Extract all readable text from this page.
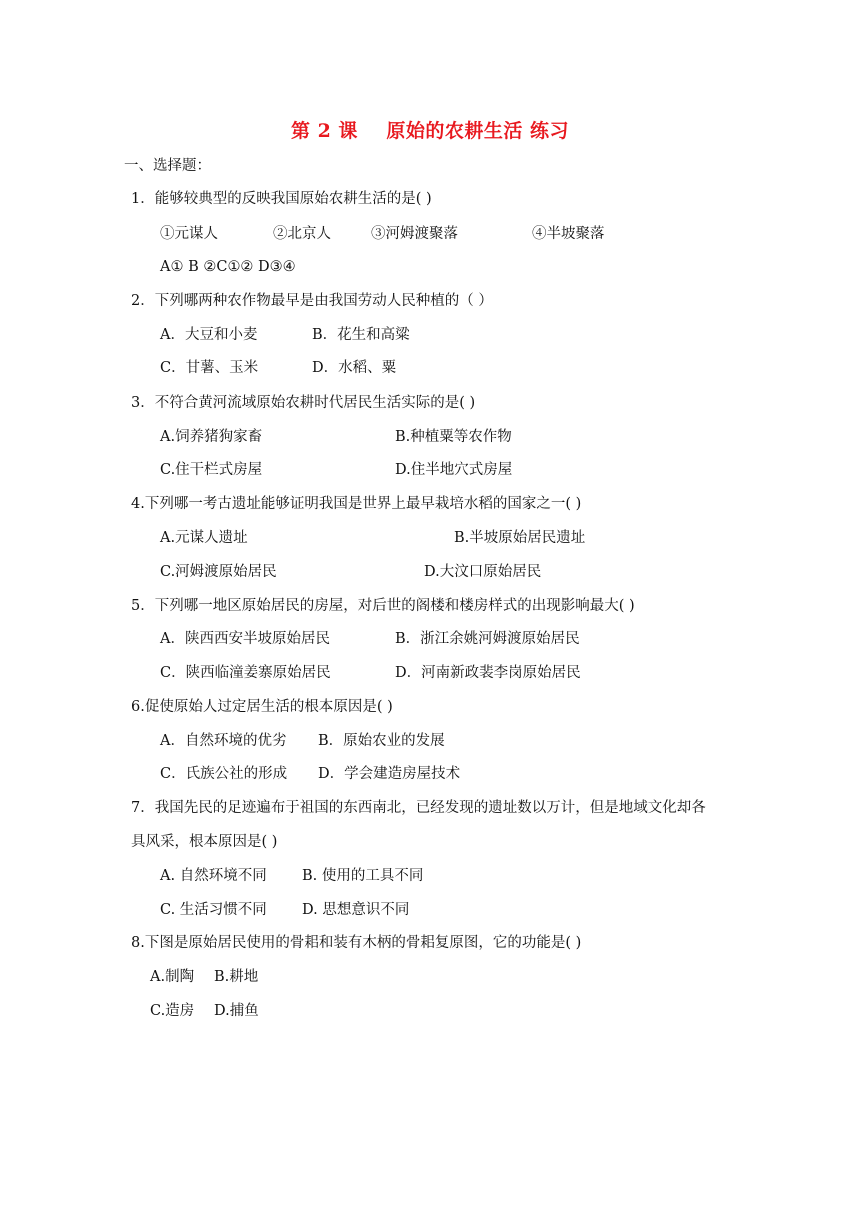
第 2 课    原始的农耕生活 练习
一、选择题：
1．能够较典型的反映我国原始农耕生活的是( )
①元谋人	②北京人	③河姆渡聚落	④半坡聚落
A① B ②C①② D③④
2．下列哪两种农作物最早是由我国劳动人民种植的（ ）
A．大豆和小麦	B．花生和高粱
C．甘薯、玉米	D．水稻、粟
3．不符合黄河流域原始农耕时代居民生活实际的是( )
A.饲养猪狗家畜	B.种植粟等农作物
C.住干栏式房屋	D.住半地穴式房屋
4.下列哪一考古遗址能够证明我国是世界上最早栽培水稻的国家之一( )
A.元谋人遗址	B.半坡原始居民遗址
C.河姆渡原始居民	D.大汶口原始居民
5．下列哪一地区原始居民的房屋，对后世的阁楼和楼房样式的出现影响最大( )
A．陕西西安半坡原始居民	B．浙江余姚河姆渡原始居民
C．陕西临潼姜寨原始居民	D．河南新政裴李岗原始居民
6.促使原始人过定居生活的根本原因是( )
A．自然环境的优劣 B．原始农业的发展
C．氏族公社的形成 D．学会建造房屋技术
7．我国先民的足迹遍布于祖国的东西南北，已经发现的遗址数以万计，但是地域文化却各
具风采，根本原因是( )
A. 自然环境不同 B. 使用的工具不同
C. 生活习惯不同 D. 思想意识不同
8.下图是原始居民使用的骨耜和装有木柄的骨耜复原图，它的功能是( )
A.制陶 B.耕地
C.造房 D.捕鱼
